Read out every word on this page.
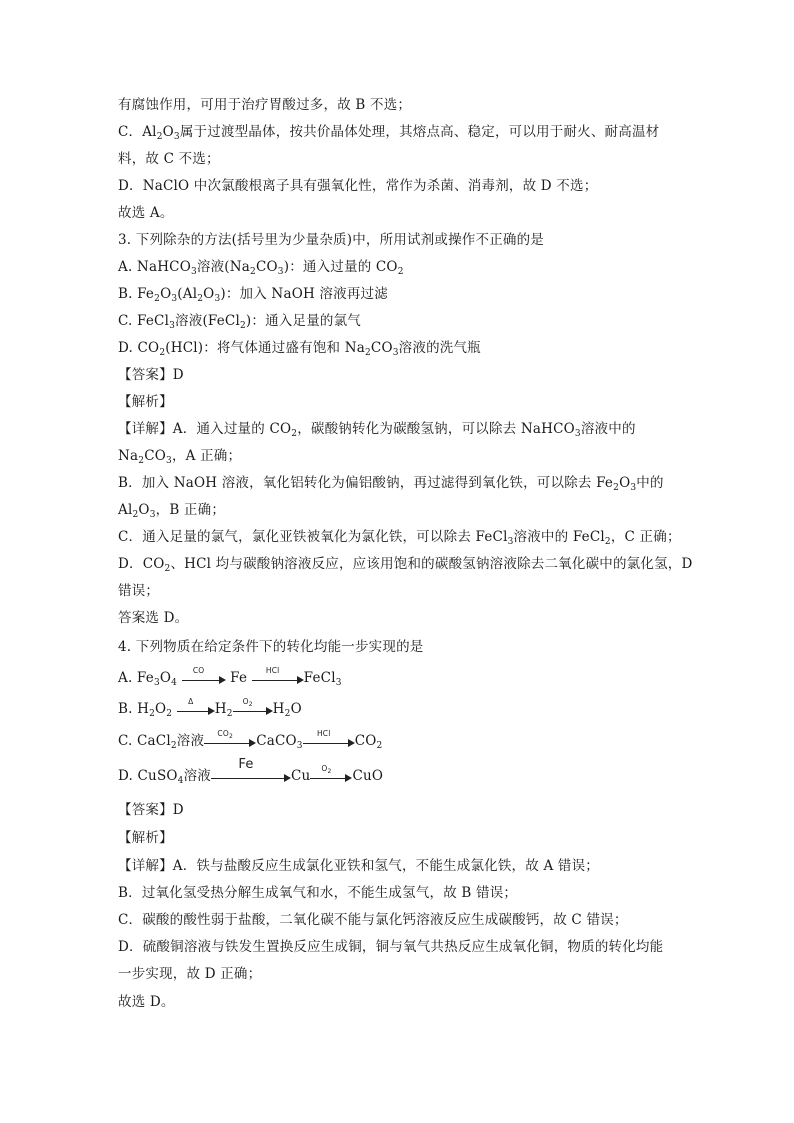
有腐蚀作用，可用于治疗胃酸过多，故 B 不选；
C．$Al_2O_3$属于过渡型晶体，按共价晶体处理，其熔点高、稳定，可以用于耐火、耐高温材
料，故 C 不选；
D．NaClO 中次氯酸根离子具有强氧化性，常作为杀菌、消毒剂，故 D 不选；
故选 A。
3. 下列除杂的方法(括号里为少量杂质)中，所用试剂或操作不正确的是
A. NaHCO$_3$溶液$(Na_2CO_3)$：通入过量的 $CO_2$
B. $Fe_2O_3(Al_2O_3)$：加入 NaOH 溶液再过滤
C. FeCl$_3$溶液(FeCl$_2$)：通入足量的氯气
D. $CO_2(HCl)$：将气体通过盛有饱和 $Na_2CO_3$溶液的洗气瓶
【答案】D
【解析】
【详解】A．通入过量的 $CO_2$，碳酸钠转化为碳酸氢钠，可以除去 NaHCO$_3$溶液中的
$Na_2CO_3$，A 正确；
B．加入 NaOH 溶液，氧化铝转化为偏铝酸钠，再过滤得到氧化铁，可以除去 $Fe_2O_3$中的
$Al_2O_3$，B 正确；
C．通入足量的氯气，氯化亚铁被氧化为氯化铁，可以除去 FeCl$_3$溶液中的 FeCl$_2$，C 正确；
D．$CO_2$、HCl 均与碳酸钠溶液反应，应该用饱和的碳酸氢钠溶液除去二氧化碳中的氯化氢，D
错误；
答案选 D。
4. 下列物质在给定条件下的转化均能一步实现的是
A. $Fe_3O_4$
CO	Fe	HCl	FeCl$_3$
B. $H_2O_2$
Δ	$H_2$
$O_2$	$H_2O$
C. CaCl$_2$溶液	$CO_2$	CaCO$_3$
HCl	$CO_2$
D. CuSO$_4$溶液
Fe
Cu	$O_2$	CuO
【答案】D
【解析】
【详解】A．铁与盐酸反应生成氯化亚铁和氢气，不能生成氯化铁，故 A 错误；
B．过氧化氢受热分解生成氧气和水，不能生成氢气，故 B 错误；
C．碳酸的酸性弱于盐酸，二氧化碳不能与氯化钙溶液反应生成碳酸钙，故 C 错误；
D．硫酸铜溶液与铁发生置换反应生成铜，铜与氧气共热反应生成氧化铜，物质的转化均能
一步实现，故 D 正确；
故选 D。
